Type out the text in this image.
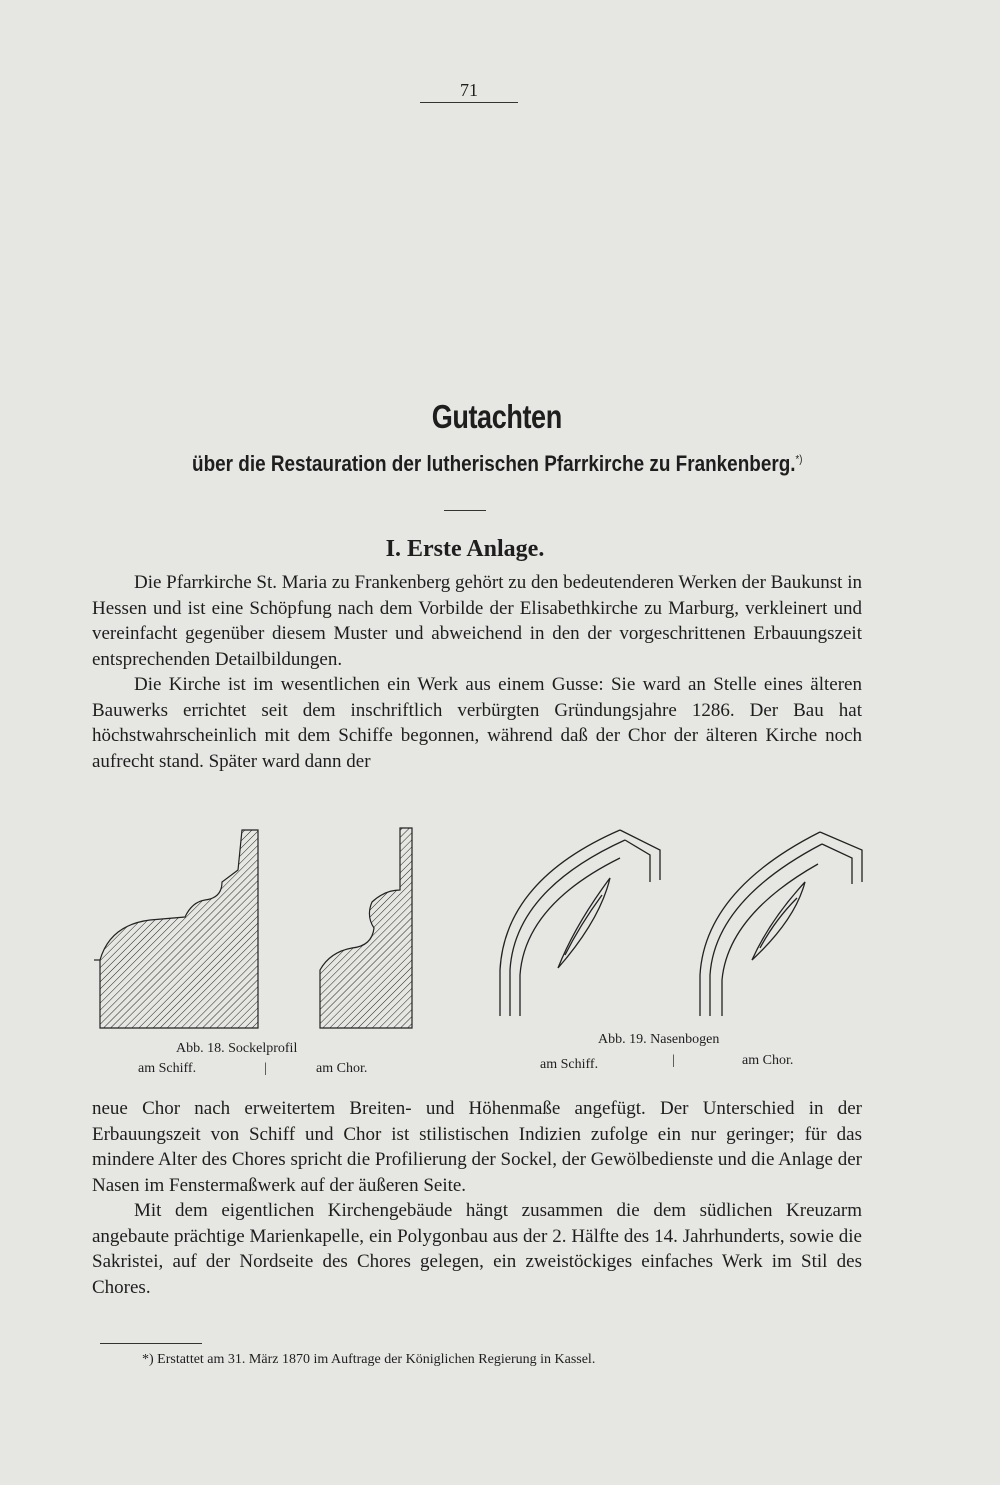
71
Gutachten
über die Restauration der lutherischen Pfarrkirche zu Frankenberg.*)
I. Erste Anlage.

Die Pfarrkirche St. Maria zu Frankenberg gehört zu den bedeutenderen Werken der Baukunst in Hessen und ist eine Schöpfung nach dem Vorbilde der Elisabethkirche zu Marburg, verkleinert und vereinfacht gegenüber diesem Muster und abweichend in den der vorgeschrittenen Erbauungszeit entsprechenden Detailbildungen.

Die Kirche ist im wesentlichen ein Werk aus einem Gusse: Sie ward an Stelle eines älteren Bauwerks errichtet seit dem inschriftlich verbürgten Gründungsjahre 1286. Der Bau hat höchstwahrscheinlich mit dem Schiffe begonnen, während daß der Chor der älteren Kirche noch aufrecht stand. Später ward dann der

Abb. 18. Sockelprofil
am Schiff.	|	am Chor.
Abb. 19. Nasenbogen
am Schiff.	|	am Chor.

neue Chor nach erweitertem Breiten- und Höhenmaße angefügt. Der Unterschied in der Erbauungszeit von Schiff und Chor ist stilistischen Indizien zufolge ein nur geringer; für das mindere Alter des Chores spricht die Profilierung der Sockel, der Gewölbedienste und die Anlage der Nasen im Fenstermaßwerk auf der äußeren Seite.

Mit dem eigentlichen Kirchengebäude hängt zusammen die dem südlichen Kreuzarm angebaute prächtige Marienkapelle, ein Polygonbau aus der 2. Hälfte des 14. Jahrhunderts, sowie die Sakristei, auf der Nordseite des Chores gelegen, ein zweistöckiges einfaches Werk im Stil des Chores.

*) Erstattet am 31. März 1870 im Auftrage der Königlichen Regierung in Kassel.
